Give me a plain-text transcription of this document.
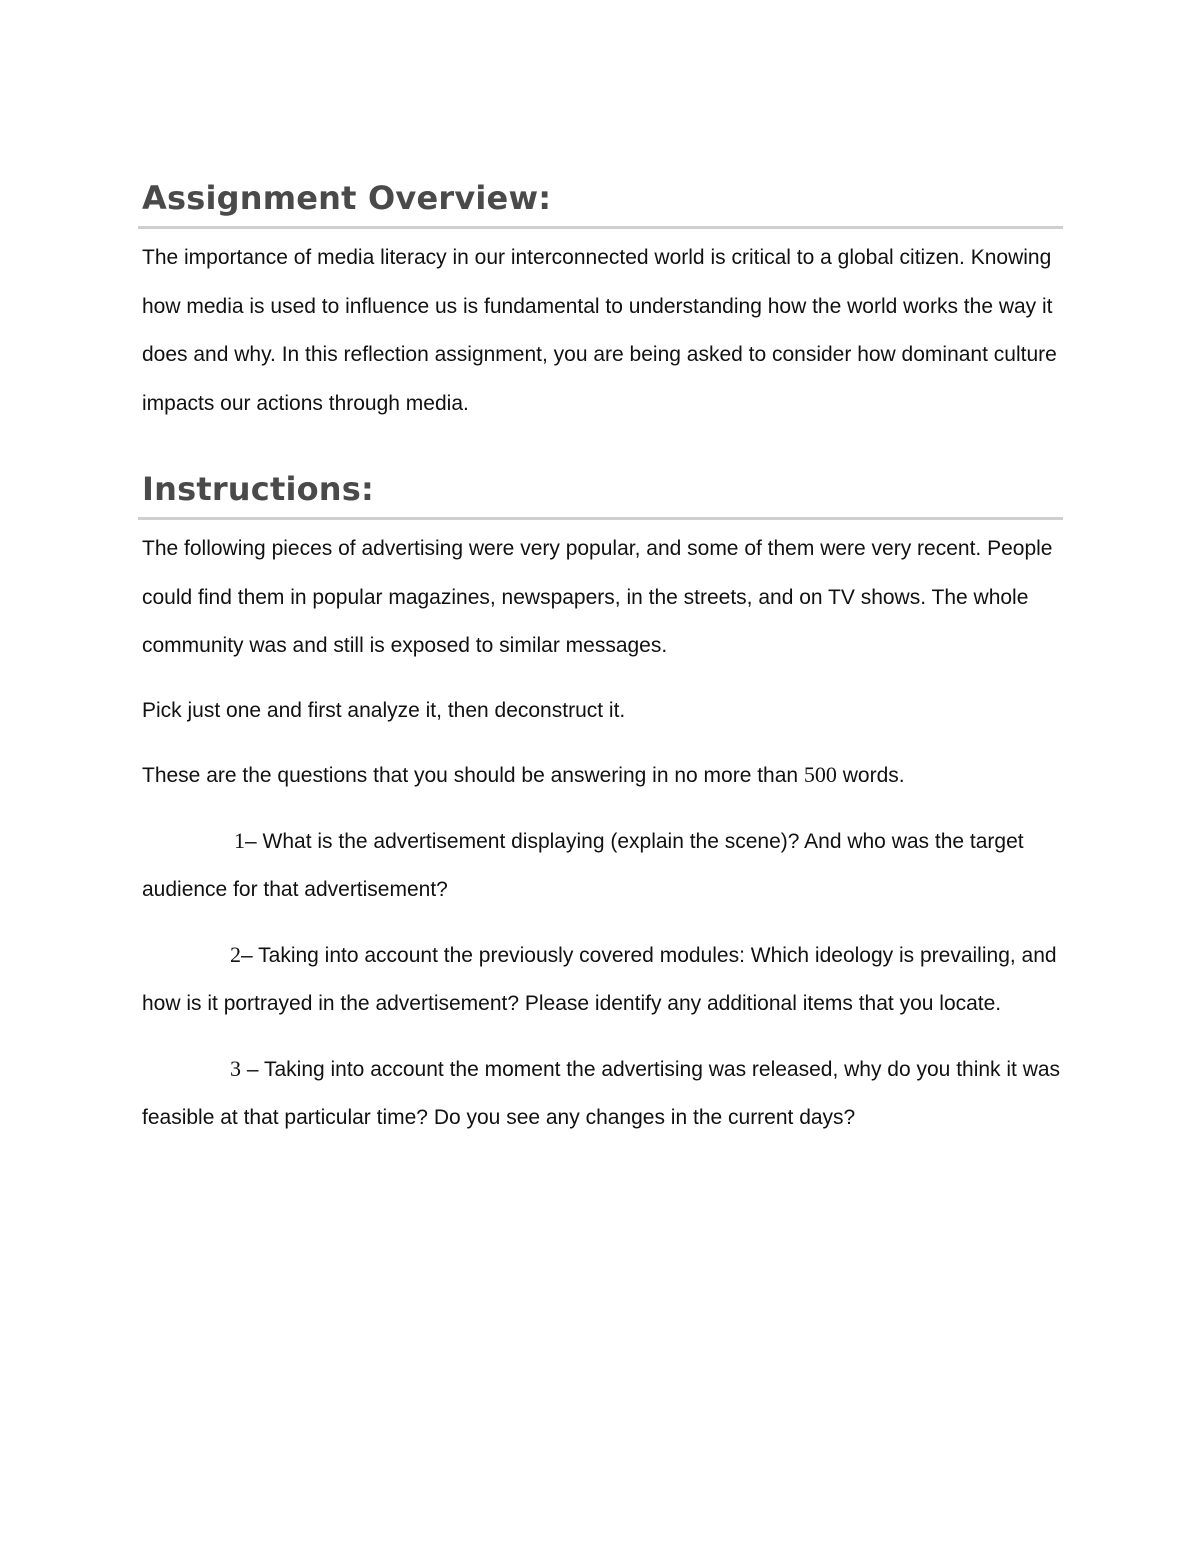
Assignment Overview:

The importance of media literacy in our interconnected world is critical to a global citizen. Knowing how media is used to influence us is fundamental to understanding how the world works the way it does and why. In this reflection assignment, you are being asked to consider how dominant culture impacts our actions through media.

Instructions:

The following pieces of advertising were very popular, and some of them were very recent. People could find them in popular magazines, newspapers, in the streets, and on TV shows. The whole community was and still is exposed to similar messages.

Pick just one and first analyze it, then deconstruct it.

These are the questions that you should be answering in no more than 500 words.

1– What is the advertisement displaying (explain the scene)? And who was the target audience for that advertisement?

2– Taking into account the previously covered modules: Which ideology is prevailing, and how is it portrayed in the advertisement? Please identify any additional items that you locate.

3 – Taking into account the moment the advertising was released, why do you think it was feasible at that particular time? Do you see any changes in the current days?
